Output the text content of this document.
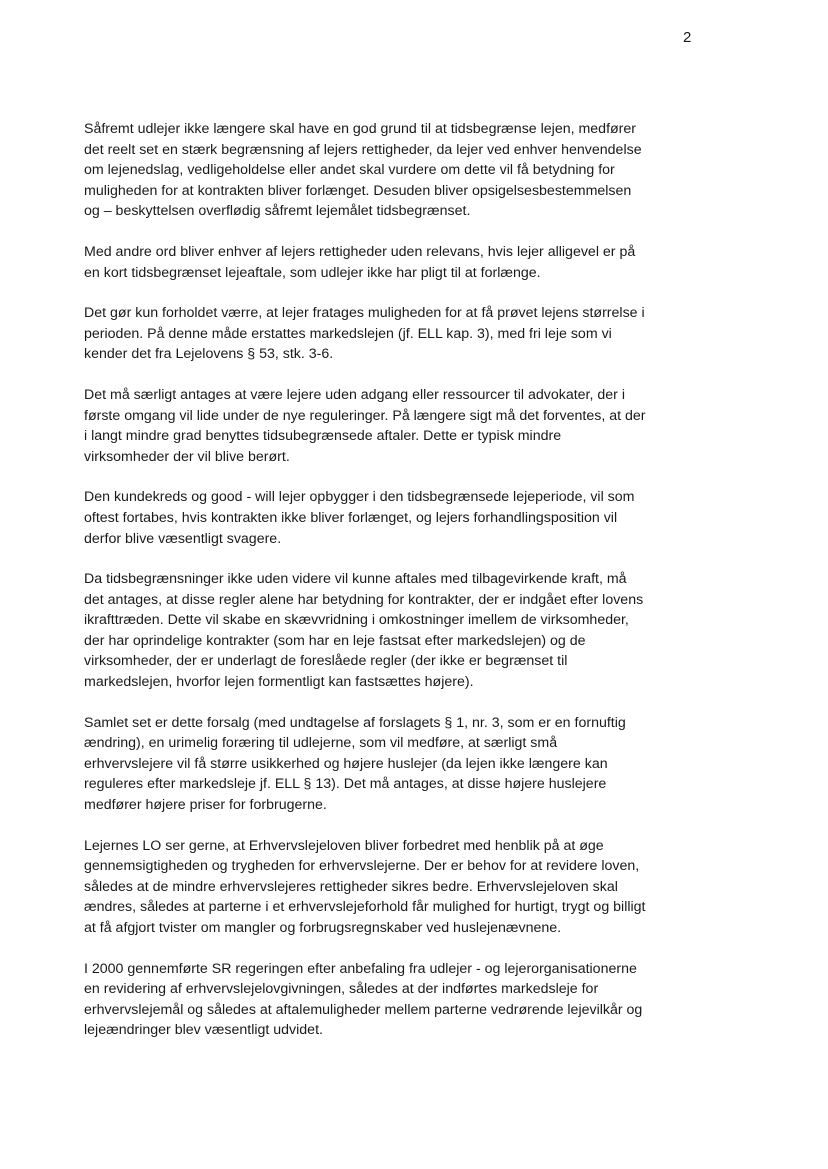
2

Såfremt udlejer ikke længere skal have en god grund til at tidsbegrænse lejen, medfører
det reelt set en stærk begrænsning af lejers rettigheder, da lejer ved enhver henvendelse
om lejenedslag, vedligeholdelse eller andet skal vurdere om dette vil få betydning for
muligheden for at kontrakten bliver forlænget. Desuden bliver opsigelsesbestemmelsen
og – beskyttelsen overflødig såfremt lejemålet tidsbegrænset.

Med andre ord bliver enhver af lejers rettigheder uden relevans, hvis lejer alligevel er på
en kort tidsbegrænset lejeaftale, som udlejer ikke har pligt til at forlænge.

Det gør kun forholdet værre, at lejer fratages muligheden for at få prøvet lejens størrelse i
perioden. På denne måde erstattes markedslejen (jf. ELL kap. 3), med fri leje som vi
kender det fra Lejelovens § 53, stk. 3-6.

Det må særligt antages at være lejere uden adgang eller ressourcer til advokater, der i
første omgang vil lide under de nye reguleringer. På længere sigt må det forventes, at der
i langt mindre grad benyttes tidsubegrænsede aftaler. Dette er typisk mindre
virksomheder der vil blive berørt.

Den kundekreds og good - will lejer opbygger i den tidsbegrænsede lejeperiode, vil som
oftest fortabes, hvis kontrakten ikke bliver forlænget, og lejers forhandlingsposition vil
derfor blive væsentligt svagere.

Da tidsbegrænsninger ikke uden videre vil kunne aftales med tilbagevirkende kraft, må
det antages, at disse regler alene har betydning for kontrakter, der er indgået efter lovens
ikrafttræden. Dette vil skabe en skævvridning i omkostninger imellem de virksomheder,
der har oprindelige kontrakter (som har en leje fastsat efter markedslejen) og de
virksomheder, der er underlagt de foreslåede regler (der ikke er begrænset til
markedslejen, hvorfor lejen formentligt kan fastsættes højere).

Samlet set er dette forsalg (med undtagelse af forslagets § 1, nr. 3, som er en fornuftig
ændring), en urimelig foræring til udlejerne, som vil medføre, at særligt små
erhvervslejere vil få større usikkerhed og højere huslejer (da lejen ikke længere kan
reguleres efter markedsleje jf. ELL § 13). Det må antages, at disse højere huslejere
medfører højere priser for forbrugerne.

Lejernes LO ser gerne, at Erhvervslejeloven bliver forbedret med henblik på at øge
gennemsigtigheden og trygheden for erhvervslejerne. Der er behov for at revidere loven,
således at de mindre erhvervslejeres rettigheder sikres bedre. Erhvervslejeloven skal
ændres, således at parterne i et erhvervslejeforhold får mulighed for hurtigt, trygt og billigt
at få afgjort tvister om mangler og forbrugsregnskaber ved huslejenævnene.

I 2000 gennemførte SR regeringen efter anbefaling fra udlejer - og lejerorganisationerne
en revidering af erhvervslejelovgivningen, således at der indførtes markedsleje for
erhvervslejemål og således at aftalemuligheder mellem parterne vedrørende lejevilkår og
lejeændringer blev væsentligt udvidet.
